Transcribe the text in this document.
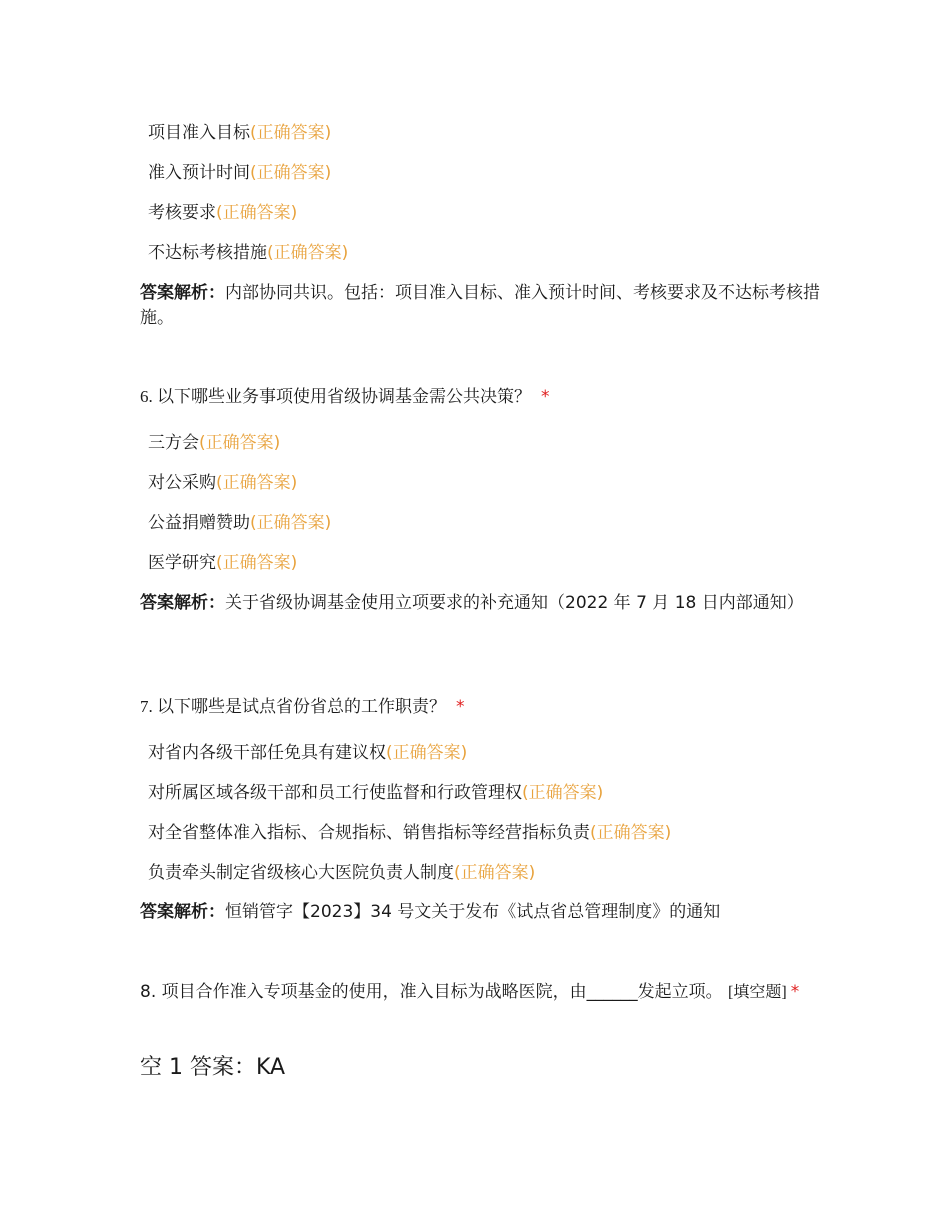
项目准入目标(正确答案)
准入预计时间(正确答案)
考核要求(正确答案)
不达标考核措施(正确答案)
答案解析：内部协同共识。包括：项目准入目标、准入预计时间、考核要求及不达标考核措施。
6. 以下哪些业务事项使用省级协调基金需公共决策？ *
三方会(正确答案)
对公采购(正确答案)
公益捐赠赞助(正确答案)
医学研究(正确答案)
答案解析：关于省级协调基金使用立项要求的补充通知（2022 年 7 月 18 日内部通知）
7. 以下哪些是试点省份省总的工作职责？ *
对省内各级干部任免具有建议权(正确答案)
对所属区域各级干部和员工行使监督和行政管理权(正确答案)
对全省整体准入指标、合规指标、销售指标等经营指标负责(正确答案)
负责牵头制定省级核心大医院负责人制度(正确答案)
答案解析：恒销管字【2023】34 号文关于发布《试点省总管理制度》的通知
8. 项目合作准入专项基金的使用，准入目标为战略医院，由______发起立项。 [填空题] *
空 1 答案：KA
